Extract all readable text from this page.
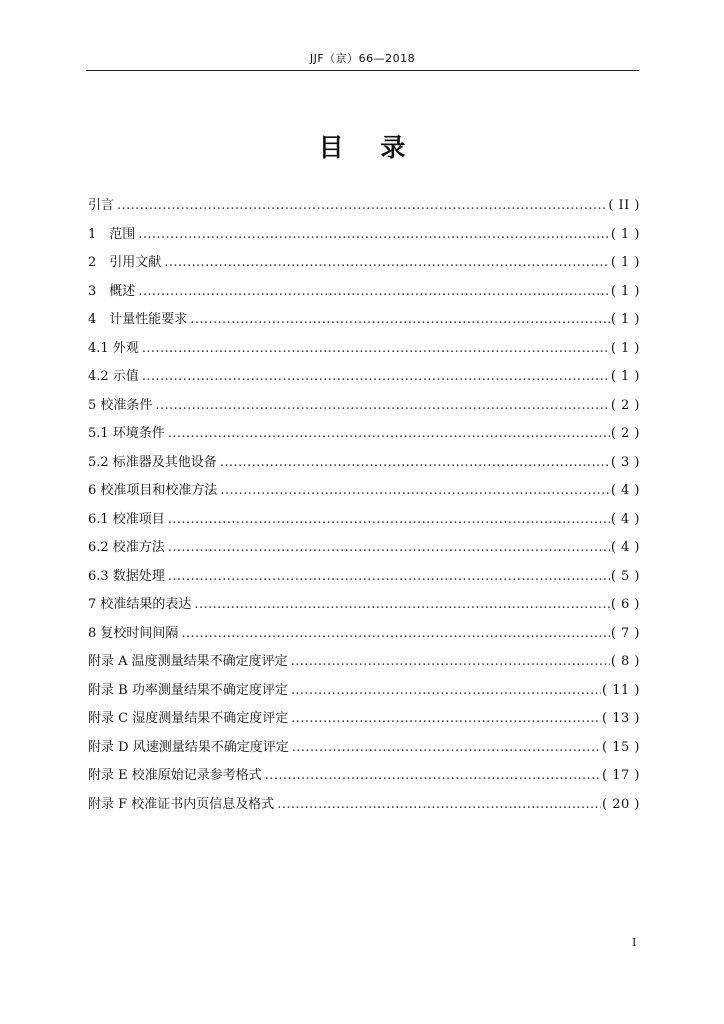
JJF（京）66—2018
目 录
引言 .....	( II )
1　范围 .....	( 1 )
2　引用文献 .....	( 1 )
3　概述 .....	( 1 )
4　计量性能要求 .....	( 1 )
4.1 外观 .....	( 1 )
4.2 示值 .....	( 1 )
5 校准条件 .....	( 2 )
5.1 环境条件 .....	( 2 )
5.2 标准器及其他设备 .....	( 3 )
6 校准项目和校准方法 .....	( 4 )
6.1 校准项目 .....	( 4 )
6.2 校准方法 .....	( 4 )
6.3 数据处理 .....	( 5 )
7 校准结果的表达 .....	( 6 )
8 复校时间间隔 .....	( 7 )
附录 A 温度测量结果不确定度评定 .....	( 8 )
附录 B 功率测量结果不确定度评定 .....	( 11 )
附录 C 湿度测量结果不确定度评定 .....	( 13 )
附录 D 风速测量结果不确定度评定 .....	( 15 )
附录 E 校准原始记录参考格式 .....	( 17 )
附录 F 校准证书内页信息及格式 .....	( 20 )
I
